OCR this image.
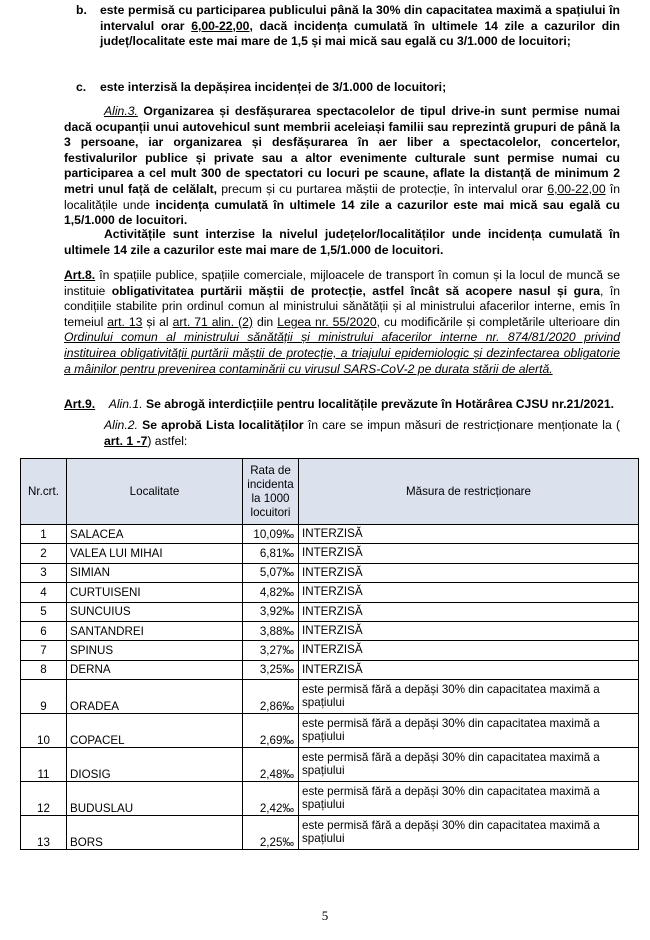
b. este permisă cu participarea publicului până la 30% din capacitatea maximă a spațiului în intervalul orar 6,00-22,00, dacă incidența cumulată în ultimele 14 zile a cazurilor din județ/localitate este mai mare de 1,5 și mai mică sau egală cu 3/1.000 de locuitori;

c. este interzisă la depășirea incidenței de 3/1.000 de locuitori;

Alin.3. Organizarea și desfășurarea spectacolelor de tipul drive-in sunt permise numai dacă ocupanții unui autovehicul sunt membrii aceleiași familii sau reprezintă grupuri de până la 3 persoane, iar organizarea și desfășurarea în aer liber a spectacolelor, concertelor, festivalurilor publice și private sau a altor evenimente culturale sunt permise numai cu participarea a cel mult 300 de spectatori cu locuri pe scaune, aflate la distanță de minimum 2 metri unul față de celălalt, precum și cu purtarea măștii de protecție, în intervalul orar 6,00-22,00 în localitățile unde incidența cumulată în ultimele 14 zile a cazurilor este mai mică sau egală cu 1,5/1.000 de locuitori.

Activitățile sunt interzise la nivelul județelor/localităților unde incidența cumulată în ultimele 14 zile a cazurilor este mai mare de 1,5/1.000 de locuitori.

Art.8. în spațiile publice, spațiile comerciale, mijloacele de transport în comun și la locul de muncă se instituie obligativitatea purtării măștii de protecție, astfel încât să acopere nasul și gura, în condițiile stabilite prin ordinul comun al ministrului sănătății și al ministrului afacerilor interne, emis în temeiul art. 13 și al art. 71 alin. (2) din Legea nr. 55/2020, cu modificările și completările ulterioare din Ordinului comun al ministrului sănătății și ministrului afacerilor interne nr. 874/81/2020 privind instituirea obligativității purtării măștii de protecție, a triajului epidemiologic și dezinfectarea obligatorie a mâinilor pentru prevenirea contaminării cu virusul SARS-CoV-2 pe durata stării de alertă.

Art.9. Alin.1. Se abrogă interdicțiile pentru localitățile prevăzute în Hotărârea CJSU nr.21/2021.

Alin.2. Se aprobă Lista localităților în care se impun măsuri de restricționare menționate la ( art. 1 -7) astfel:

Nr.crt.	Localitate	Rata de incidenta la 1000 locuitori	Măsura de restricționare
1	SALACEA	10,09‰	INTERZISĂ
2	VALEA LUI MIHAI	6,81‰	INTERZISĂ
3	SIMIAN	5,07‰	INTERZISĂ
4	CURTUISENI	4,82‰	INTERZISĂ
5	SUNCUIUS	3,92‰	INTERZISĂ
6	SANTANDREI	3,88‰	INTERZISĂ
7	SPINUS	3,27‰	INTERZISĂ
8	DERNA	3,25‰	INTERZISĂ
9	ORADEA	2,86‰	este permisă fără a depăși 30% din capacitatea maximă a spațiului
10	COPACEL	2,69‰	este permisă fără a depăși 30% din capacitatea maximă a spațiului
11	DIOSIG	2,48‰	este permisă fără a depăși 30% din capacitatea maximă a spațiului
12	BUDUSLAU	2,42‰	este permisă fără a depăși 30% din capacitatea maximă a spațiului
13	BORS	2,25‰	este permisă fără a depăși 30% din capacitatea maximă a spațiului
5
